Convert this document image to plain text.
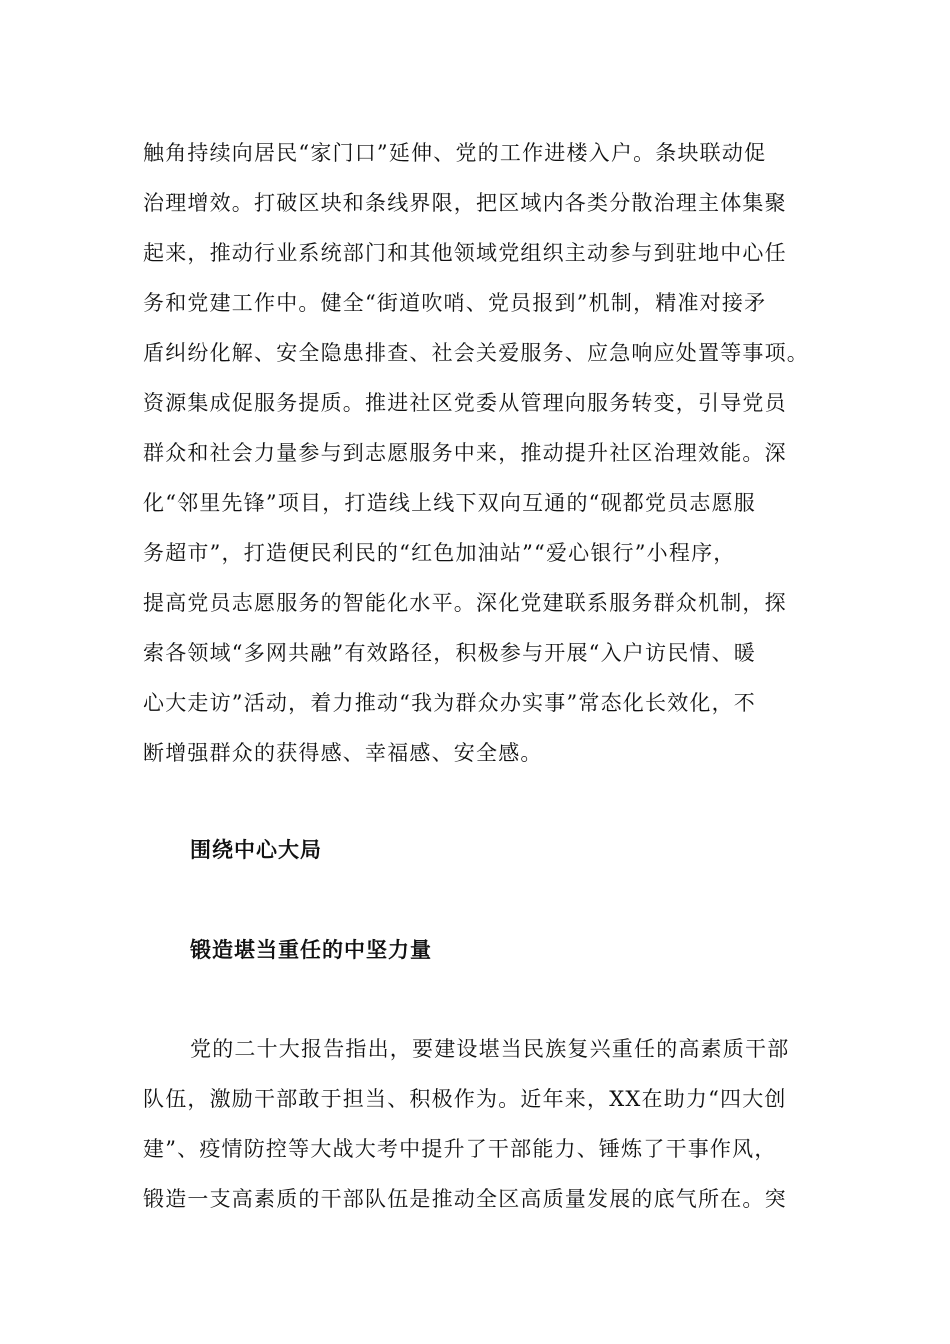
触角持续向居民“家门口”延伸、党的工作进楼入户。条块联动促
治理增效。打破区块和条线界限，把区域内各类分散治理主体集聚
起来，推动行业系统部门和其他领域党组织主动参与到驻地中心任
务和党建工作中。健全“街道吹哨、党员报到”机制，精准对接矛
盾纠纷化解、安全隐患排查、社会关爱服务、应急响应处置等事项。
资源集成促服务提质。推进社区党委从管理向服务转变，引导党员
群众和社会力量参与到志愿服务中来，推动提升社区治理效能。深
化“邻里先锋”项目，打造线上线下双向互通的“砚都党员志愿服
务超市”，打造便民利民的“红色加油站”“爱心银行”小程序，
提高党员志愿服务的智能化水平。深化党建联系服务群众机制，探
索各领域“多网共融”有效路径，积极参与开展“入户访民情、暖
心大走访”活动，着力推动“我为群众办实事”常态化长效化，不
断增强群众的获得感、幸福感、安全感。
围绕中心大局
锻造堪当重任的中坚力量
党的二十大报告指出，要建设堪当民族复兴重任的高素质干部
队伍，激励干部敢于担当、积极作为。近年来，XX在助力“四大创
建”、疫情防控等大战大考中提升了干部能力、锤炼了干事作风，
锻造一支高素质的干部队伍是推动全区高质量发展的底气所在。突
